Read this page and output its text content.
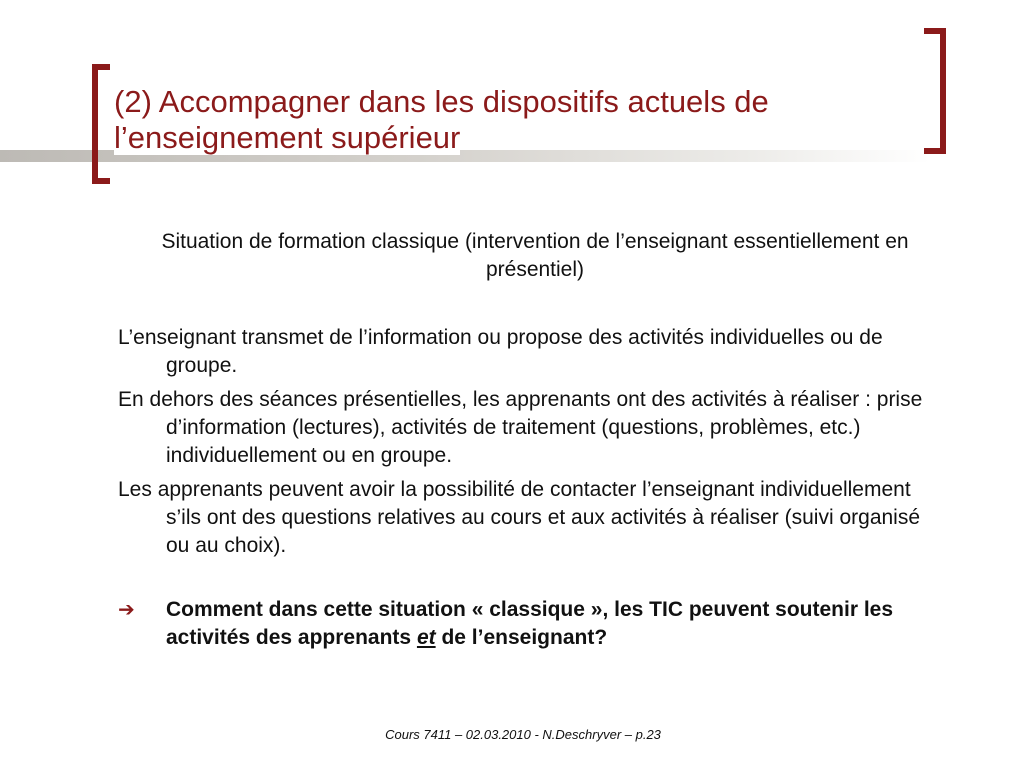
(2) Accompagner dans les dispositifs actuels de
l’enseignement supérieur
Situation de formation classique (intervention de l’enseignant essentiellement en présentiel)

L’enseignant transmet de l’information ou propose des activités individuelles ou de groupe.

En dehors des séances présentielles, les apprenants ont des activités à réaliser : prise d’information (lectures), activités de traitement (questions, problèmes, etc.) individuellement ou en groupe.

Les apprenants peuvent avoir la possibilité de contacter l’enseignant individuellement s’ils ont des questions relatives au cours et aux activités à réaliser (suivi organisé ou au choix).

➔	Comment dans cette situation « classique », les TIC peuvent soutenir les activités des apprenants et de l’enseignant?
Cours 7411 – 02.03.2010 - N.Deschryver – p.23
